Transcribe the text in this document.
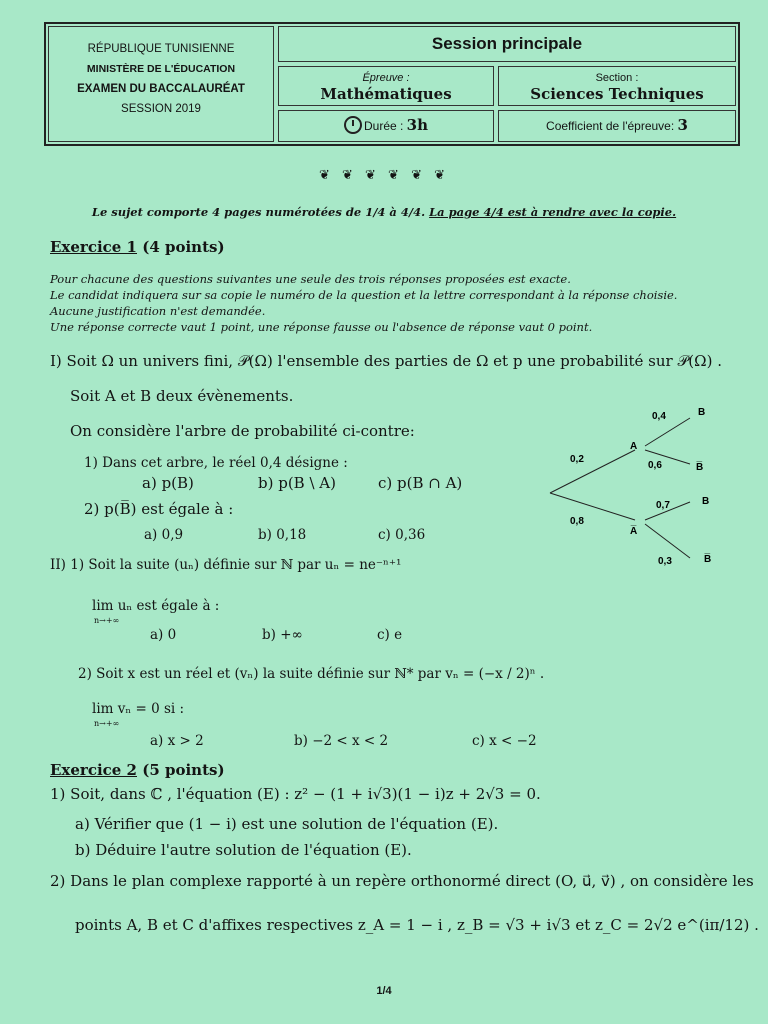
RÉPUBLIQUE TUNISIENNE
MINISTÈRE DE L'ÉDUCATION
EXAMEN DU BACCALAURÉAT
SESSION 2019
Session principale
Épreuve :
Mathématiques
Section :
Sciences Techniques
Durée : 3h	Coefficient de l'épreuve: 3
❦ ❦ ❦ ❦ ❦ ❦
Le sujet comporte 4 pages numérotées de 1/4 à 4/4. La page 4/4 est à rendre avec la copie.
Exercice 1 (4 points)
Pour chacune des questions suivantes une seule des trois réponses proposées est exacte.
Le candidat indiquera sur sa copie le numéro de la question et la lettre correspondant à la réponse choisie.
Aucune justification n'est demandée.
Une réponse correcte vaut 1 point, une réponse fausse ou l'absence de réponse vaut 0 point.
I) Soit Ω un univers fini, 𝒫(Ω) l'ensemble des parties de Ω et p une probabilité sur 𝒫(Ω) .
Soit A et B deux évènements.
On considère l'arbre de probabilité ci-contre:
1) Dans cet arbre, le réel 0,4 désigne :
a) p(B)	b) p(B \ A)	c) p(B ∩ A)
2) p(B̅) est égale à :
a) 0,9	b) 0,18	c) 0,36
II) 1) Soit la suite (uₙ) définie sur ℕ par uₙ = ne⁻ⁿ⁺¹
lim uₙ est égale à :
n→+∞
a) 0	b) +∞	c) e
2) Soit x est un réel et (vₙ) la suite définie sur ℕ* par vₙ = (−x / 2)ⁿ .
lim vₙ = 0 si :
n→+∞
a) x > 2	b) −2 < x < 2	c) x < −2
0,2
0,8
A
A̅
0,4	B
0,6	B̅
0,7	B
0,3	B̅
Exercice 2 (5 points)
1) Soit, dans ℂ , l'équation (E) : z² − (1 + i√3)(1 − i)z + 2√3 = 0.
a) Vérifier que (1 − i) est une solution de l'équation (E).
b) Déduire l'autre solution de l'équation (E).
2) Dans le plan complexe rapporté à un repère orthonormé direct (O, u⃗, v⃗) , on considère les
points A, B et C d'affixes respectives z_A = 1 − i , z_B = √3 + i√3 et z_C = 2√2 e^(iπ/12) .
1/4
